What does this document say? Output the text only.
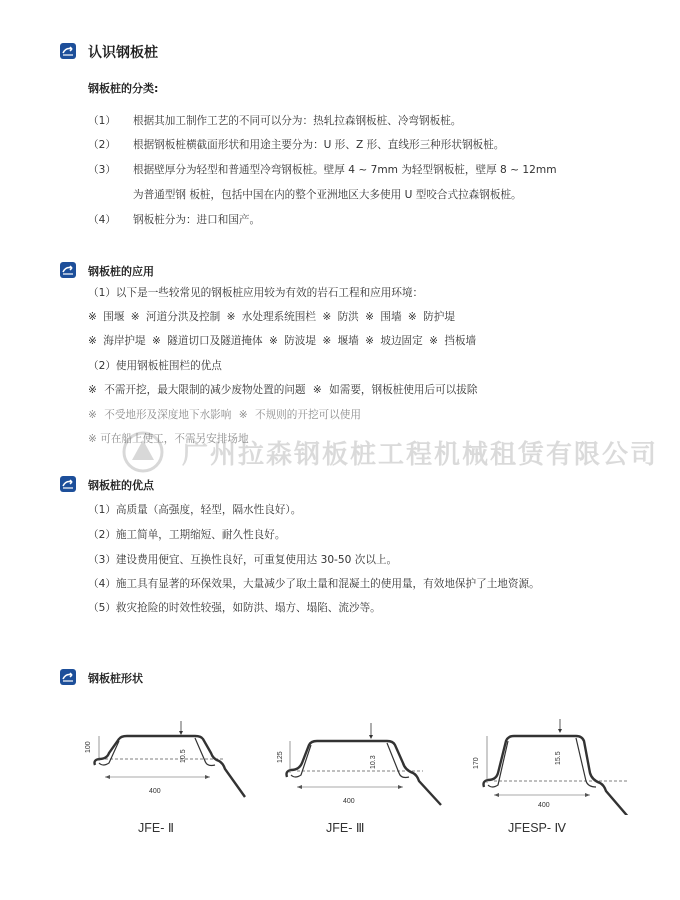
认识钢板桩
钢板桩的分类:
（1） 根据其加工制作工艺的不同可以分为：热轧拉森钢板桩、冷弯钢板桩。
（2） 根据钢板桩横截面形状和用途主要分为：U 形、Z 形、直线形三种形状钢板桩。
（3） 根据壁厚分为轻型和普通型冷弯钢板桩。壁厚 4 ~ 7mm 为轻型钢板桩，壁厚 8 ~ 12mm
为普通型钢 板桩，包括中国在内的整个亚洲地区大多使用 U 型咬合式拉森钢板桩。
（4） 钢板桩分为：进口和国产。
钢板桩的应用
（1）以下是一些较常见的钢板桩应用较为有效的岩石工程和应用环境：
※ 围堰 ※ 河道分洪及控制 ※ 水处理系统围栏 ※ 防洪 ※ 围墙 ※ 防护堤
※ 海岸护堤 ※ 隧道切口及隧道掩体 ※ 防波堤 ※ 堰墙 ※ 坡边固定 ※ 挡板墙
（2）使用钢板桩围栏的优点
※ 不需开挖，最大限制的减少废物处置的问题 ※ 如需要，钢板桩使用后可以拔除
※ 不受地形及深度地下水影响 ※ 不规则的开挖可以使用
※ 可在船上使工，不需另安排场地
广州拉森钢板桩工程机械租赁有限公司
钢板桩的优点
（1）高质量（高强度，轻型，隔水性良好）。
（2）施工简单，工期缩短、耐久性良好。
（3）建设费用便宜、互换性良好，可重复使用达 30-50 次以上。
（4）施工具有显著的环保效果，大量减少了取土量和混凝土的使用量，有效地保护了土地资源。
（5）救灾抢险的时效性较强，如防洪、塌方、塌陷、流沙等。
钢板桩形状
100
10.5
400
JFE- Ⅱ
125	10.3
400
JFE- Ⅲ
170	15.5
400
JFESP- Ⅳ
